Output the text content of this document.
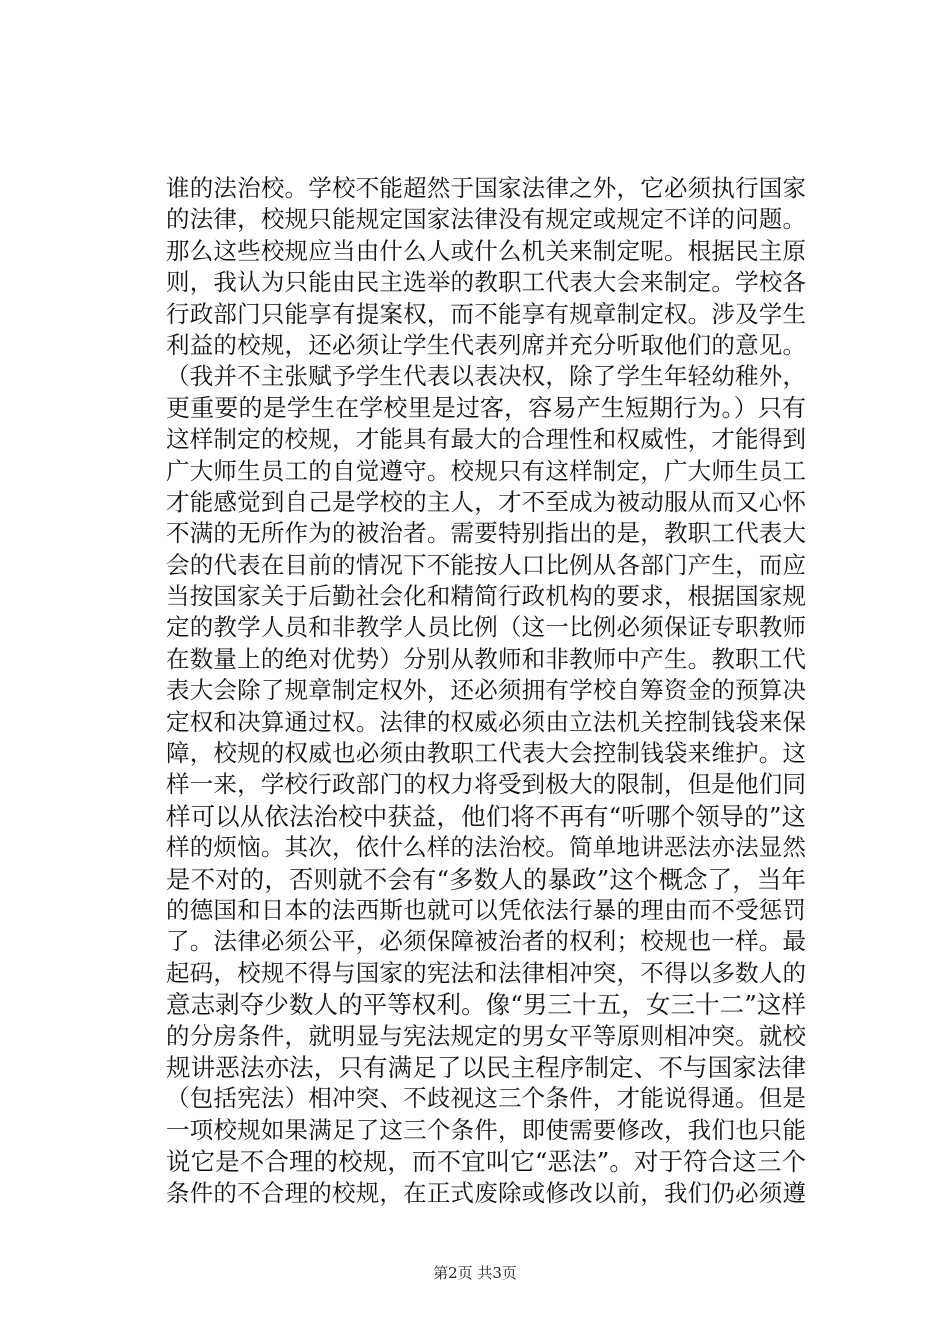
谁的法治校。学校不能超然于国家法律之外，它必须执行国家
的法律，校规只能规定国家法律没有规定或规定不详的问题。
那么这些校规应当由什么人或什么机关来制定呢。根据民主原
则，我认为只能由民主选举的教职工代表大会来制定。学校各
行政部门只能享有提案权，而不能享有规章制定权。涉及学生
利益的校规，还必须让学生代表列席并充分听取他们的意见。
（我并不主张赋予学生代表以表决权，除了学生年轻幼稚外，
更重要的是学生在学校里是过客，容易产生短期行为。）只有
这样制定的校规，才能具有最大的合理性和权威性，才能得到
广大师生员工的自觉遵守。校规只有这样制定，广大师生员工
才能感觉到自己是学校的主人，才不至成为被动服从而又心怀
不满的无所作为的被治者。需要特别指出的是，教职工代表大
会的代表在目前的情况下不能按人口比例从各部门产生，而应
当按国家关于后勤社会化和精简行政机构的要求，根据国家规
定的教学人员和非教学人员比例（这一比例必须保证专职教师
在数量上的绝对优势）分别从教师和非教师中产生。教职工代
表大会除了规章制定权外，还必须拥有学校自筹资金的预算决
定权和决算通过权。法律的权威必须由立法机关控制钱袋来保
障，校规的权威也必须由教职工代表大会控制钱袋来维护。这
样一来，学校行政部门的权力将受到极大的限制，但是他们同
样可以从依法治校中获益，他们将不再有“听哪个领导的”这
样的烦恼。其次，依什么样的法治校。简单地讲恶法亦法显然
是不对的，否则就不会有“多数人的暴政”这个概念了，当年
的德国和日本的法西斯也就可以凭依法行暴的理由而不受惩罚
了。法律必须公平，必须保障被治者的权利；校规也一样。最
起码，校规不得与国家的宪法和法律相冲突，不得以多数人的
意志剥夺少数人的平等权利。像“男三十五，女三十二”这样
的分房条件，就明显与宪法规定的男女平等原则相冲突。就校
规讲恶法亦法，只有满足了以民主程序制定、不与国家法律
（包括宪法）相冲突、不歧视这三个条件，才能说得通。但是
一项校规如果满足了这三个条件，即使需要修改，我们也只能
说它是不合理的校规，而不宜叫它“恶法”。对于符合这三个
条件的不合理的校规，在正式废除或修改以前，我们仍必须遵
第2页 共3页
